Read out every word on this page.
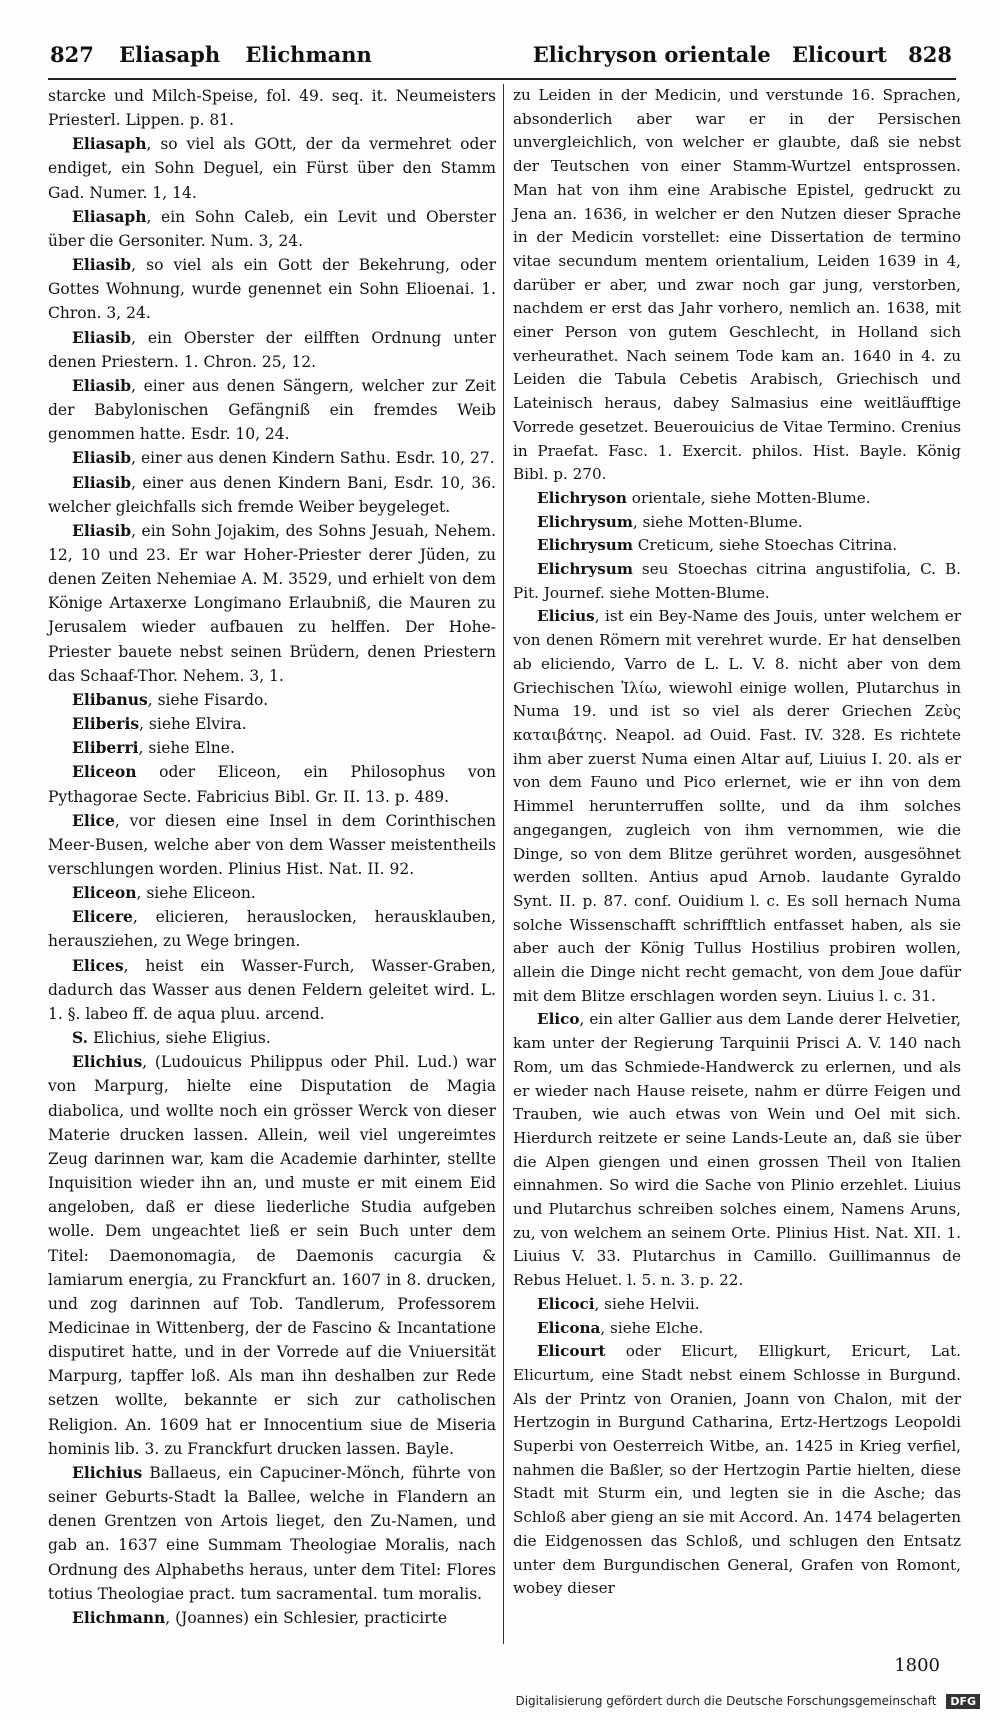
827 Eliasaph Elichmann	Elichryson orientale Elicourt 828

starcke und Milch-Speise, fol. 49. seq. it. Neumeisters Priesterl. Lippen. p. 81.

Eliasaph, so viel als GOtt, der da vermehret oder endiget, ein Sohn Deguel, ein Fürst über den Stamm Gad. Numer. 1, 14.

Eliasaph, ein Sohn Caleb, ein Levit und Oberster über die Gersoniter. Num. 3, 24.

Eliasib, so viel als ein Gott der Bekehrung, oder Gottes Wohnung, wurde genennet ein Sohn Elioenai. 1. Chron. 3, 24.

Eliasib, ein Oberster der eilfften Ordnung unter denen Priestern. 1. Chron. 25, 12.

Eliasib, einer aus denen Sängern, welcher zur Zeit der Babylonischen Gefängniß ein fremdes Weib genommen hatte. Esdr. 10, 24.

Eliasib, einer aus denen Kindern Sathu. Esdr. 10, 27.

Eliasib, einer aus denen Kindern Bani, Esdr. 10, 36. welcher gleichfalls sich fremde Weiber beygeleget.

Eliasib, ein Sohn Jojakim, des Sohns Jesuah, Nehem. 12, 10 und 23. Er war Hoher-Priester derer Jüden, zu denen Zeiten Nehemiae A. M. 3529, und erhielt von dem Könige Artaxerxe Longimano Erlaubniß, die Mauren zu Jerusalem wieder aufbauen zu helffen. Der Hohe-Priester bauete nebst seinen Brüdern, denen Priestern das Schaaf-Thor. Nehem. 3, 1.

Elibanus, siehe Fisardo.

Eliberis, siehe Elvira.

Eliberri, siehe Elne.

Eliceon oder Eliceon, ein Philosophus von Pythagorae Secte. Fabricius Bibl. Gr. II. 13. p. 489.

Elice, vor diesen eine Insel in dem Corinthischen Meer-Busen, welche aber von dem Wasser meistentheils verschlungen worden. Plinius Hist. Nat. II. 92.

Eliceon, siehe Eliceon.

Elicere, elicieren, herauslocken, herausklauben, herausziehen, zu Wege bringen.

Elices, heist ein Wasser-Furch, Wasser-Graben, dadurch das Wasser aus denen Feldern geleitet wird. L. 1. §. labeo ff. de aqua pluu. arcend.

S. Elichius, siehe Eligius.

Elichius, (Ludouicus Philippus oder Phil. Lud.) war von Marpurg, hielte eine Disputation de Magia diabolica, und wollte noch ein grösser Werck von dieser Materie drucken lassen. Allein, weil viel ungereimtes Zeug darinnen war, kam die Academie darhinter, stellte Inquisition wieder ihn an, und muste er mit einem Eid angeloben, daß er diese liederliche Studia aufgeben wolle. Dem ungeachtet ließ er sein Buch unter dem Titel: Daemonomagia, de Daemonis cacurgia & lamiarum energia, zu Franckfurt an. 1607 in 8. drucken, und zog darinnen auf Tob. Tandlerum, Professorem Medicinae in Wittenberg, der de Fascino & Incantatione disputiret hatte, und in der Vorrede auf die Vniuersität Marpurg, tapffer loß. Als man ihn deshalben zur Rede setzen wollte, bekannte er sich zur catholischen Religion. An. 1609 hat er Innocentium siue de Miseria hominis lib. 3. zu Franckfurt drucken lassen. Bayle.

Elichius Ballaeus, ein Capuciner-Mönch, führte von seiner Geburts-Stadt la Ballee, welche in Flandern an denen Grentzen von Artois lieget, den Zu-Namen, und gab an. 1637 eine Summam Theologiae Moralis, nach Ordnung des Alphabeths heraus, unter dem Titel: Flores totius Theologiae pract. tum sacramental. tum moralis.

Elichmann, (Joannes) ein Schlesier, practicirte

zu Leiden in der Medicin, und verstunde 16. Sprachen, absonderlich aber war er in der Persischen unvergleichlich, von welcher er glaubte, daß sie nebst der Teutschen von einer Stamm-Wurtzel entsprossen. Man hat von ihm eine Arabische Epistel, gedruckt zu Jena an. 1636, in welcher er den Nutzen dieser Sprache in der Medicin vorstellet: eine Dissertation de termino vitae secundum mentem orientalium, Leiden 1639 in 4, darüber er aber, und zwar noch gar jung, verstorben, nachdem er erst das Jahr vorhero, nemlich an. 1638, mit einer Person von gutem Geschlecht, in Holland sich verheurathet. Nach seinem Tode kam an. 1640 in 4. zu Leiden die Tabula Cebetis Arabisch, Griechisch und Lateinisch heraus, dabey Salmasius eine weitläufftige Vorrede gesetzet. Beuerouicius de Vitae Termino. Crenius in Praefat. Fasc. 1. Exercit. philos. Hist. Bayle. König Bibl. p. 270.

Elichryson orientale, siehe Motten-Blume.

Elichrysum, siehe Motten-Blume.

Elichrysum Creticum, siehe Stoechas Citrina.

Elichrysum seu Stoechas citrina angustifolia, C. B. Pit. Journef. siehe Motten-Blume.

Elicius, ist ein Bey-Name des Jouis, unter welchem er von denen Römern mit verehret wurde. Er hat denselben ab eliciendo, Varro de L. L. V. 8. nicht aber von dem Griechischen Ἰλίω, wiewohl einige wollen, Plutarchus in Numa 19. und ist so viel als derer Griechen Ζεὺς καταιβάτης. Neapol. ad Ouid. Fast. IV. 328. Es richtete ihm aber zuerst Numa einen Altar auf, Liuius I. 20. als er von dem Fauno und Pico erlernet, wie er ihn von dem Himmel herunterruffen sollte, und da ihm solches angegangen, zugleich von ihm vernommen, wie die Dinge, so von dem Blitze gerühret worden, ausgesöhnet werden sollten. Antius apud Arnob. laudante Gyraldo Synt. II. p. 87. conf. Ouidium l. c. Es soll hernach Numa solche Wissenschafft schrifftlich entfasset haben, als sie aber auch der König Tullus Hostilius probiren wollen, allein die Dinge nicht recht gemacht, von dem Joue dafür mit dem Blitze erschlagen worden seyn. Liuius l. c. 31.

Elico, ein alter Gallier aus dem Lande derer Helvetier, kam unter der Regierung Tarquinii Prisci A. V. 140 nach Rom, um das Schmiede-Handwerck zu erlernen, und als er wieder nach Hause reisete, nahm er dürre Feigen und Trauben, wie auch etwas von Wein und Oel mit sich. Hierdurch reitzete er seine Lands-Leute an, daß sie über die Alpen giengen und einen grossen Theil von Italien einnahmen. So wird die Sache von Plinio erzehlet. Liuius und Plutarchus schreiben solches einem, Namens Aruns, zu, von welchem an seinem Orte. Plinius Hist. Nat. XII. 1. Liuius V. 33. Plutarchus in Camillo. Guillimannus de Rebus Heluet. l. 5. n. 3. p. 22.

Elicoci, siehe Helvii.

Elicona, siehe Elche.

Elicourt oder Elicurt, Elligkurt, Ericurt, Lat. Elicurtum, eine Stadt nebst einem Schlosse in Burgund. Als der Printz von Oranien, Joann von Chalon, mit der Hertzogin in Burgund Catharina, Ertz-Hertzogs Leopoldi Superbi von Oesterreich Witbe, an. 1425 in Krieg verfiel, nahmen die Baßler, so der Hertzogin Partie hielten, diese Stadt mit Sturm ein, und legten sie in die Asche; das Schloß aber gieng an sie mit Accord. An. 1474 belagerten die Eidgenossen das Schloß, und schlugen den Entsatz unter dem Burgundischen General, Grafen von Romont, wobey dieser

1800
Digitalisierung gefördert durch die Deutsche Forschungsgemeinschaft DFG
